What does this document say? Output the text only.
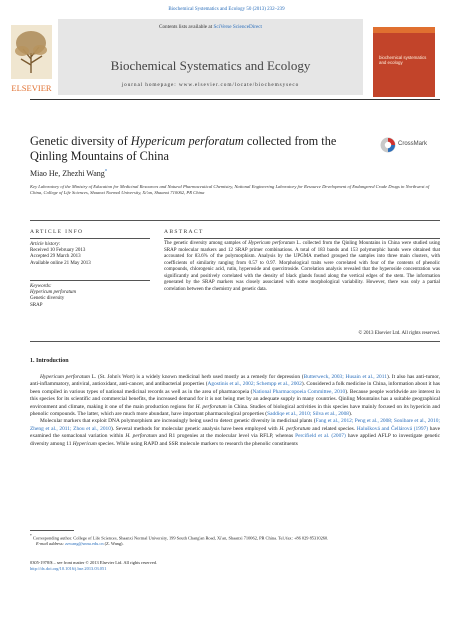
Biochemical Systematics and Ecology 50 (2013) 232–239
ELSEVIER
Contents lists available at SciVerse ScienceDirect
Biochemical Systematics and Ecology
journal homepage: www.elsevier.com/locate/biochemsyseco
biochemical systematics and ecology
Genetic diversity of Hypericum perforatum collected from the Qinling Mountains of China
CrossMark
Miao He, Zhezhi Wang*
Key Laboratory of the Ministry of Education for Medicinal Resources and Natural Pharmaceutical Chemistry, National Engineering Laboratory for Resource Development of Endangered Crude Drugs in Northwest of China, College of Life Sciences, Shaanxi Normal University, Xi'an, Shaanxi 710062, PR China
ARTICLE INFO
Article history:
Received 10 February 2013
Accepted 29 March 2013
Available online 21 May 2013
Keywords:
Hypericum perforatum
Genetic diversity
SRAP
ABSTRACT
The genetic diversity among samples of Hypericum perforatum L. collected from the Qinling Mountains in China were studied using SRAP molecular markers and 12 SRAP primer combinations. A total of 183 bands and 153 polymorphic bands were obtained that accounted for 83.6% of the polymorphism. Analysis by the UPGMA method grouped the samples into three main clusters, with coefficients of similarity ranging from 0.57 to 0.97. Morphological traits were correlated with four of the contents of phenolic compounds, chlorogenic acid, rutin, hyperoside and quercitroside. Correlation analysis revealed that the hyperoside concentration was significantly and positively correlated with the density of black glands found along the vertical edges of the stem. The information generated by the SRAP markers was closely associated with some morphological variability. However, there was only a partial correlation between the chemistry and genetic data.
© 2013 Elsevier Ltd. All rights reserved.
1. Introduction

Hypericum perforatum L. (St. John's Wort) is a widely known medicinal herb used mostly as a remedy for depression (Butterweck, 2003; Husain et al., 2011). It also has anti-tumor, anti-inflammatory, antiviral, antioxidant, anti-cancer, and antibacterial properties (Agostinis et al., 2002; Schempp et al., 2002). Considered a folk medicine in China, information about it has been compiled in various types of national medicinal records as well as in the area of pharmacopeia (National Pharmacopoeia Committee, 2010). Because people worldwide are interest in this species for its scientific and commercial benefits, the increased demand for it is not being met by an adequate supply in many countries. Qinling Mountains has a suitable geographical environment and climate, making it one of the main production regions for H. perforatum in China. Studies of biological activities in this species have mainly focused on its hypericin and phenolic compounds. The latter, which are much more abundant, have important pharmacological properties (Saddiqe et al., 2010; Silva et al., 2008).

Molecular markers that exploit DNA polymorphism are increasingly being used to detect genetic diversity in medicinal plants (Fang et al., 2012; Peng et al., 2008; Sonibare et al., 2010; Zheng et al., 2011; Zhou et al., 2010). Several methods for molecular genetic analysis have been employed with H. perforatum and related species. Halušková and Čellárová (1997) have examined the somaclonal variation within H. perforatum and R1 progenies at the molecular level via RFLP, whereas Percifield et al. (2007) have applied AFLP to investigate genetic diversity among 11 Hypericum species. While using RAPD and SSR molecule markers to research the phenolic constituents

* Corresponding author. College of Life Sciences, Shaanxi Normal University, 199 South Chang'an Road, Xi'an, Shaanxi 710062, PR China. Tel./fax: +86 029 85310260.
E-mail address: zzwang@snnu.edu.cn (Z. Wang).
0305-1978/$ – see front matter © 2013 Elsevier Ltd. All rights reserved.
http://dx.doi.org/10.1016/j.bse.2013.03.051
